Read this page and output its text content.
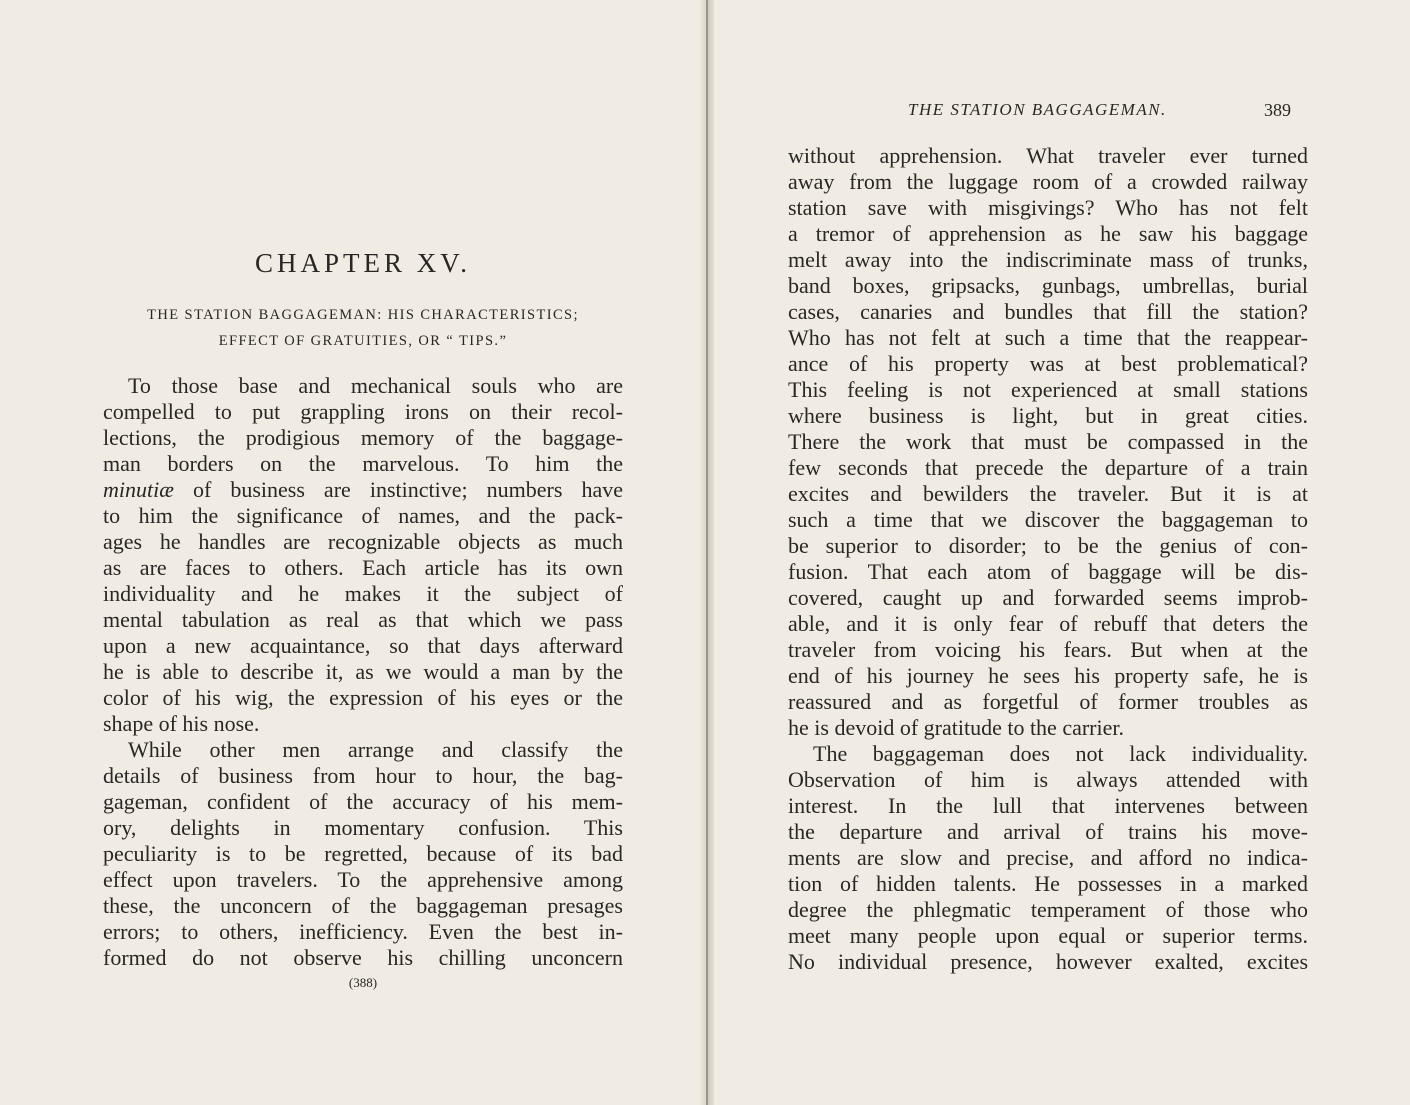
CHAPTER XV.
THE STATION BAGGAGEMAN: HIS CHARACTERISTICS;
EFFECT OF GRATUITIES, OR “ TIPS.”
To those base and mechanical souls who are
compelled to put grappling irons on their recol-
lections, the prodigious memory of the baggage-
man borders on the marvelous. To him the
minutiæ of business are instinctive; numbers have
to him the significance of names, and the pack-
ages he handles are recognizable objects as much
as are faces to others. Each article has its own
individuality and he makes it the subject of
mental tabulation as real as that which we pass
upon a new acquaintance, so that days afterward
he is able to describe it, as we would a man by the
color of his wig, the expression of his eyes or the
shape of his nose.
While other men arrange and classify the
details of business from hour to hour, the bag-
gageman, confident of the accuracy of his mem-
ory, delights in momentary confusion. This
peculiarity is to be regretted, because of its bad
effect upon travelers. To the apprehensive among
these, the unconcern of the baggageman presages
errors; to others, inefficiency. Even the best in-
formed do not observe his chilling unconcern
(388)
THE STATION BAGGAGEMAN.	389
without apprehension. What traveler ever turned
away from the luggage room of a crowded railway
station save with misgivings? Who has not felt
a tremor of apprehension as he saw his baggage
melt away into the indiscriminate mass of trunks,
band boxes, gripsacks, gunbags, umbrellas, burial
cases, canaries and bundles that fill the station?
Who has not felt at such a time that the reappear-
ance of his property was at best problematical?
This feeling is not experienced at small stations
where business is light, but in great cities.
There the work that must be compassed in the
few seconds that precede the departure of a train
excites and bewilders the traveler. But it is at
such a time that we discover the baggageman to
be superior to disorder; to be the genius of con-
fusion. That each atom of baggage will be dis-
covered, caught up and forwarded seems improb-
able, and it is only fear of rebuff that deters the
traveler from voicing his fears. But when at the
end of his journey he sees his property safe, he is
reassured and as forgetful of former troubles as
he is devoid of gratitude to the carrier.
The baggageman does not lack individuality.
Observation of him is always attended with
interest. In the lull that intervenes between
the departure and arrival of trains his move-
ments are slow and precise, and afford no indica-
tion of hidden talents. He possesses in a marked
degree the phlegmatic temperament of those who
meet many people upon equal or superior terms.
No individual presence, however exalted, excites
